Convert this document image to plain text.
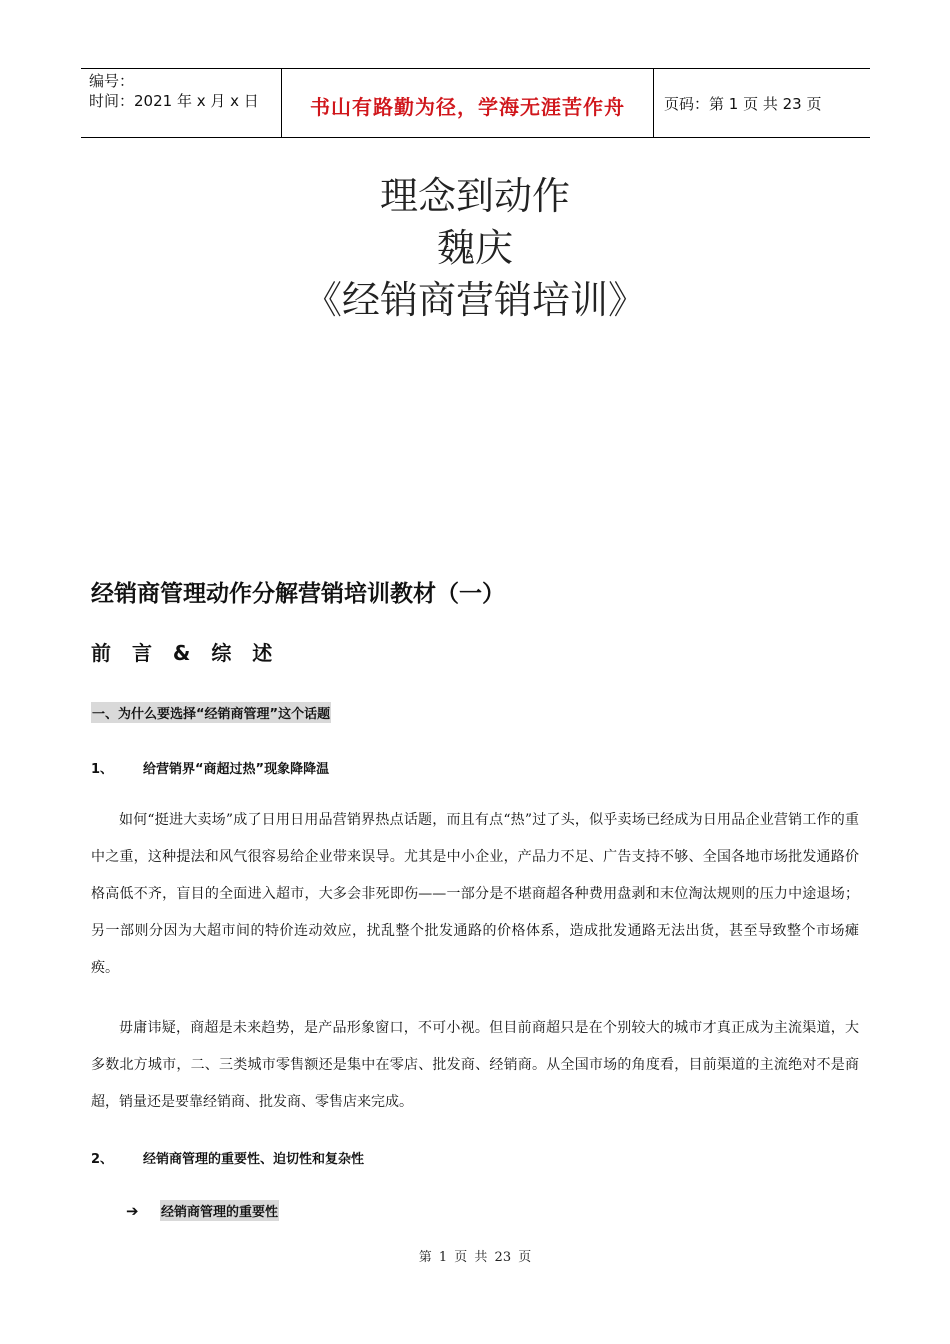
编号：
时间：2021 年 x 月 x 日	书山有路勤为径，学海无涯苦作舟	页码：第 1 页 共 23 页
理念到动作
魏庆
《经销商营销培训》
经销商管理动作分解营销培训教材（一）
前 言 & 综 述
一、为什么要选择“经销商管理”这个话题
1、 给营销界“商超过热”现象降降温
如何“挺进大卖场”成了日用日用品营销界热点话题，而且有点“热”过了头，似乎卖场已经成为日用品企业营销工作的重中之重，这种提法和风气很容易给企业带来误导。尤其是中小企业，产品力不足、广告支持不够、全国各地市场批发通路价格高低不齐，盲目的全面进入超市，大多会非死即伤——一部分是不堪商超各种费用盘剥和末位淘汰规则的压力中途退场；另一部则分因为大超市间的特价连动效应，扰乱整个批发通路的价格体系，造成批发通路无法出货，甚至导致整个市场瘫痪。
毋庸讳疑，商超是未来趋势，是产品形象窗口，不可小视。但目前商超只是在个别较大的城市才真正成为主流渠道，大多数北方城市，二、三类城市零售额还是集中在零店、批发商、经销商。从全国市场的角度看，目前渠道的主流绝对不是商超，销量还是要靠经销商、批发商、零售店来完成。
2、 经销商管理的重要性、迫切性和复杂性
➔	经销商管理的重要性
第 1 页 共 23 页
